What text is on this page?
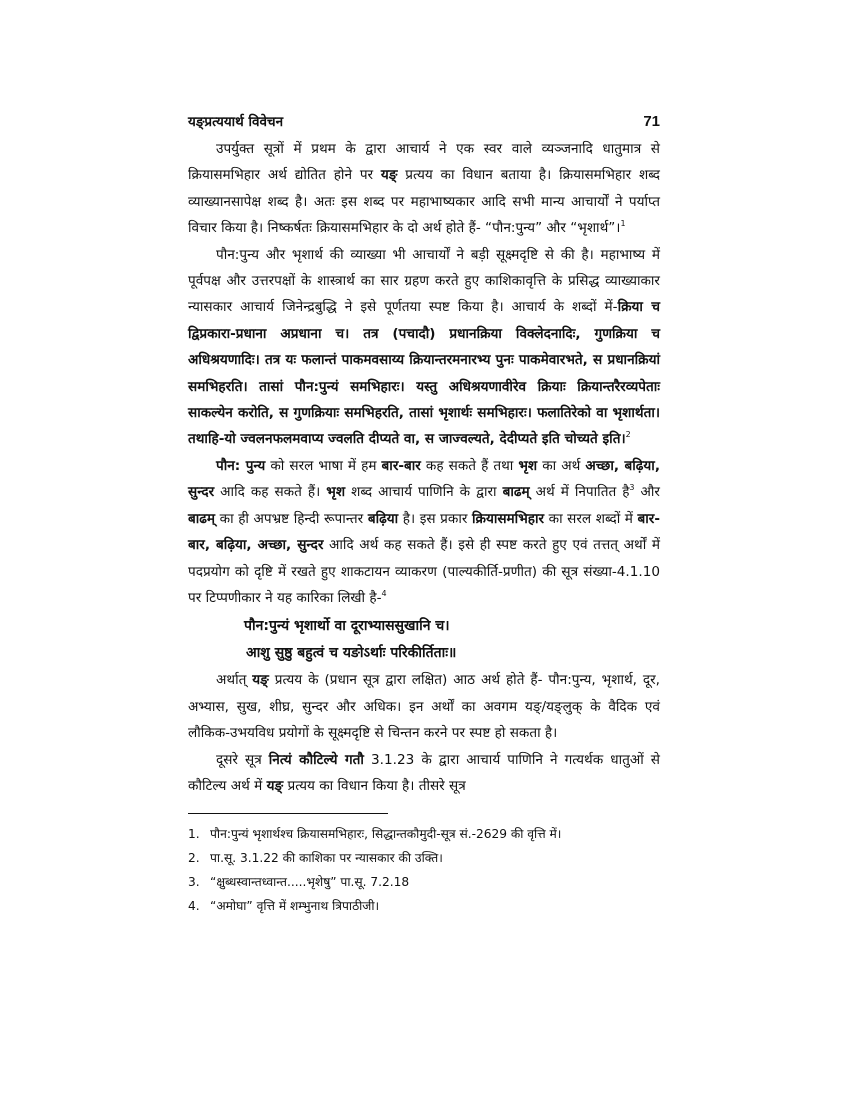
यङ्प्रत्ययार्थ विवेचन	71

उपर्युक्त सूत्रों में प्रथम के द्वारा आचार्य ने एक स्वर वाले व्यञ्जनादि धातुमात्र से क्रियासमभिहार अर्थ द्योतित होने पर यङ् प्रत्यय का विधान बताया है। क्रियासमभिहार शब्द व्याख्यानसापेक्ष शब्द है। अतः इस शब्द पर महाभाष्यकार आदि सभी मान्य आचार्यों ने पर्याप्त विचार किया है। निष्कर्षतः क्रियासमभिहार के दो अर्थ होते हैं- “पौन:पुन्य” और “भृशार्थ”।$^1$

पौन:पुन्य और भृशार्थ की व्याख्या भी आचार्यों ने बड़ी सूक्ष्मदृष्टि से की है। महाभाष्य में पूर्वपक्ष और उत्तरपक्षों के शास्त्रार्थ का सार ग्रहण करते हुए काशिकावृत्ति के प्रसिद्ध व्याख्याकार न्यासकार आचार्य जिनेन्द्रबुद्धि ने इसे पूर्णतया स्पष्ट किया है। आचार्य के शब्दों में-क्रिया च द्विप्रकारा-प्रधाना अप्रधाना च। तत्र (पचादौ) प्रधानक्रिया विक्लेदनादिः, गुणक्रिया च अधिश्रयणादिः। तत्र यः फलान्तं पाकमवसाय्य क्रियान्तरमनारभ्य पुनः पाकमेवारभते, स प्रधानक्रियां समभिहरति। तासां पौन:पुन्यं समभिहारः। यस्तु अधिश्रयणावीरेव क्रियाः क्रियान्तरैरव्यपेताः साकल्येन करोति, स गुणक्रियाः समभिहरति, तासां भृशार्थः समभिहारः। फलातिरेको वा भृशार्थता। तथाहि-यो ज्वलनफलमवाप्य ज्वलति दीप्यते वा, स जाज्वल्यते, देदीप्यते इति चोच्यते इति।$^2$

पौन: पुन्य को सरल भाषा में हम बार-बार कह सकते हैं तथा भृश का अर्थ अच्छा, बढ़िया, सुन्दर आदि कह सकते हैं। भृश शब्द आचार्य पाणिनि के द्वारा बाढम् अर्थ में निपातित है$^3$ और बाढम् का ही अपभ्रष्ट हिन्दी रूपान्तर बढ़िया है। इस प्रकार क्रियासमभिहार का सरल शब्दों में बार-बार, बढ़िया, अच्छा, सुन्दर आदि अर्थ कह सकते हैं। इसे ही स्पष्ट करते हुए एवं तत्तत् अर्थों में पदप्रयोग को दृष्टि में रखते हुए शाकटायन व्याकरण (पाल्यकीर्ति-प्रणीत) की सूत्र संख्या-4.1.10 पर टिप्पणीकार ने यह कारिका लिखी है-$^4$

पौन:पुन्यं भृशार्थो वा दूराभ्याससुखानि च।
आशु सुष्ठु बहुत्वं च यङोऽर्थाः परिकीर्तिताः॥

अर्थात् यङ् प्रत्यय के (प्रधान सूत्र द्वारा लक्षित) आठ अर्थ होते हैं- पौन:पुन्य, भृशार्थ, दूर, अभ्यास, सुख, शीघ्र, सुन्दर और अधिक। इन अर्थों का अवगम यङ्/यङ्लुक् के वैदिक एवं लौकिक-उभयविध प्रयोगों के सूक्ष्मदृष्टि से चिन्तन करने पर स्पष्ट हो सकता है।

दूसरे सूत्र नित्यं कौटिल्ये गतौ 3.1.23 के द्वारा आचार्य पाणिनि ने गत्यर्थक धातुओं से कौटिल्य अर्थ में यङ् प्रत्यय का विधान किया है। तीसरे सूत्र

1. पौन:पुन्यं भृशार्थश्च क्रियासमभिहारः, सिद्धान्तकौमुदी-सूत्र सं.-2629 की वृत्ति में।
2. पा.सू. 3.1.22 की काशिका पर न्यासकार की उक्ति।
3. “क्षुब्धस्वान्तध्वान्त.....भृशेषु” पा.सू. 7.2.18
4. “अमोघा” वृत्ति में शम्भुनाथ त्रिपाठीजी।
